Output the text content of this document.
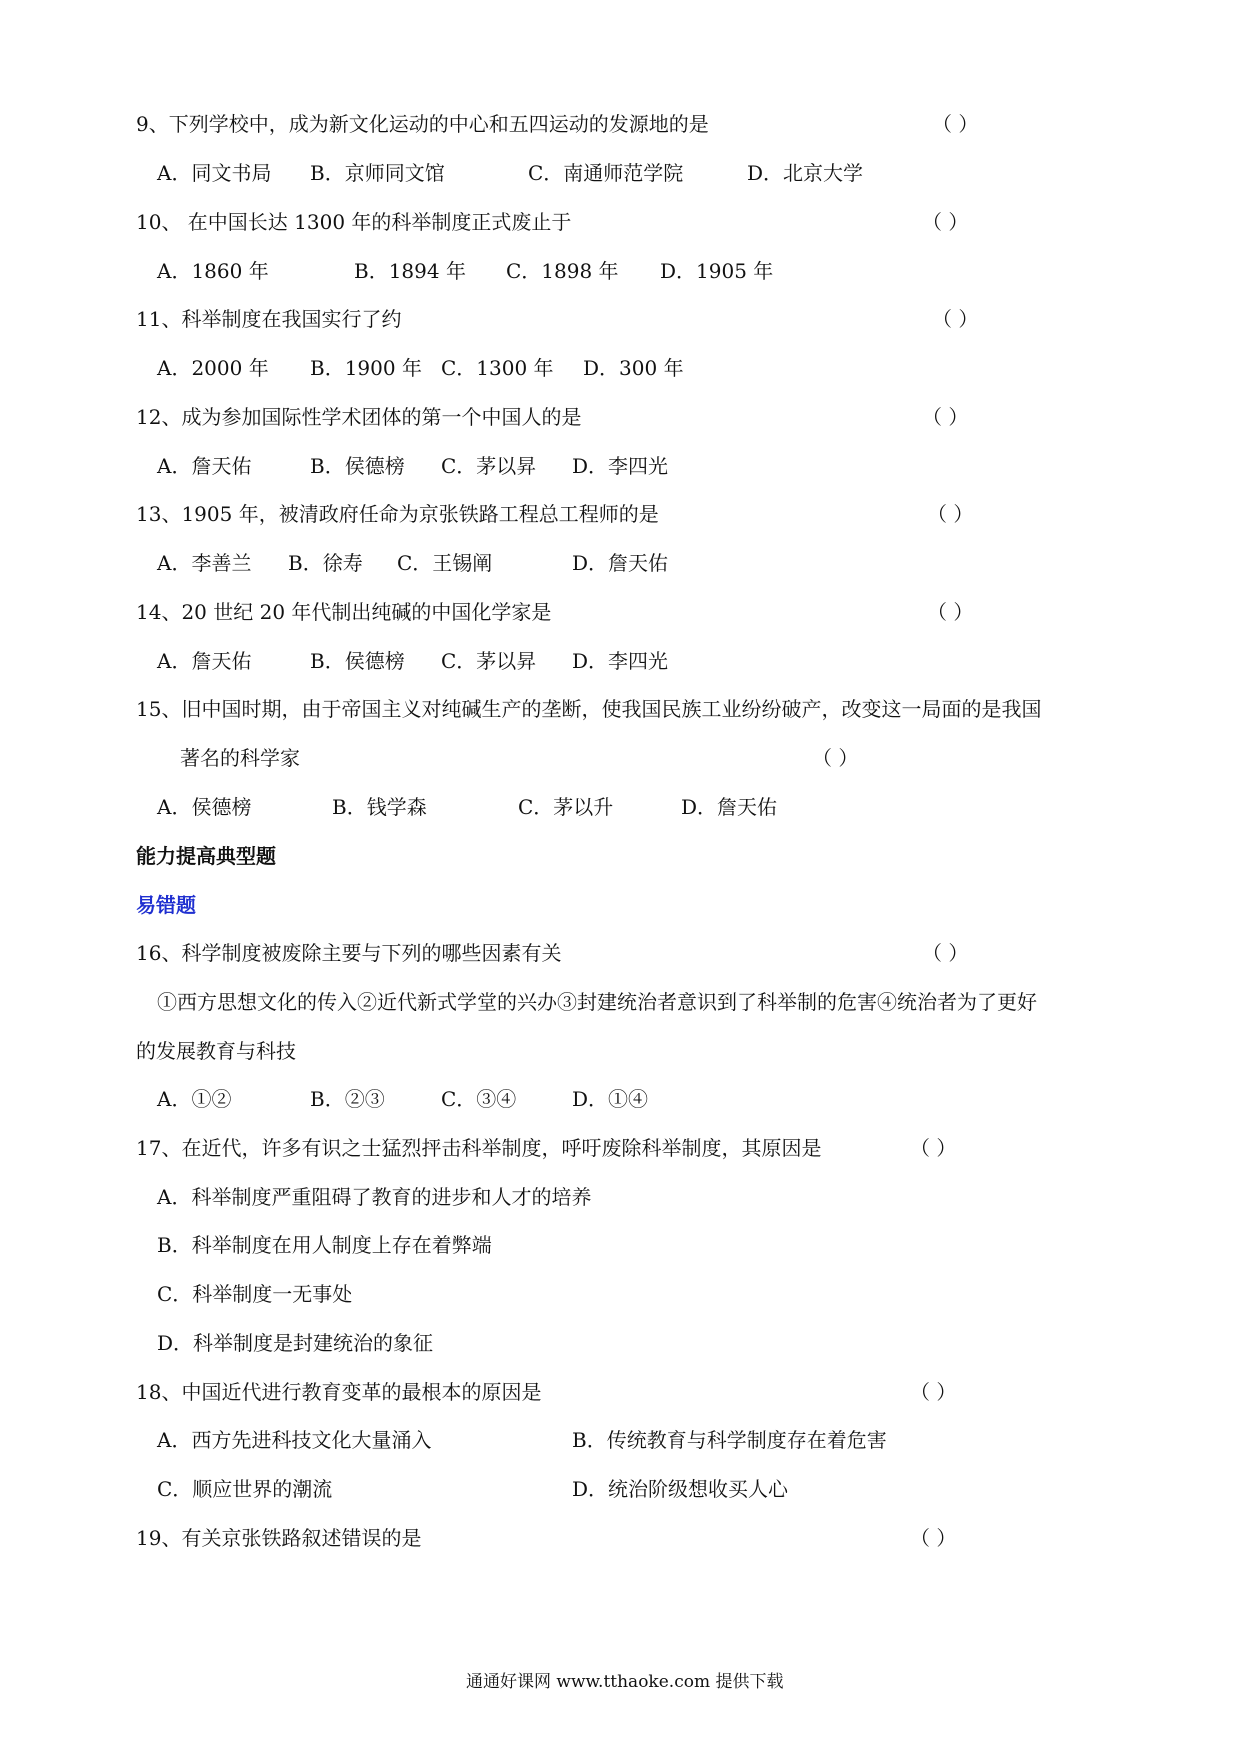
9、下列学校中，成为新文化运动的中心和五四运动的发源地的是	（ ）
A．同文书局 B．京师同文馆	C．南通师范学院	D．北京大学
10、 在中国长达 1300 年的科举制度正式废止于	（ ）
A．1860 年	B．1894 年 C．1898 年 D．1905 年
11、科举制度在我国实行了约	（ ）
A．2000 年 B．1900 年 C．1300 年 D．300 年
12、成为参加国际性学术团体的第一个中国人的是	（ ）
A．詹天佑	B．侯德榜 C．茅以昇 D．李四光
13、1905 年，被清政府任命为京张铁路工程总工程师的是	（ ）
A．李善兰 B．徐寿 C．王锡阐	D．詹天佑
14、20 世纪 20 年代制出纯碱的中国化学家是	（ ）
A．詹天佑	B．侯德榜 C．茅以昇 D．李四光
15、旧中国时期，由于帝国主义对纯碱生产的垄断，使我国民族工业纷纷破产，改变这一局面的是我国
著名的科学家	（ ）
A．侯德榜	B．钱学森	C．茅以升	D．詹天佑
能力提高典型题
易错题
16、科学制度被废除主要与下列的哪些因素有关	（ ）
①西方思想文化的传入②近代新式学堂的兴办③封建统治者意识到了科举制的危害④统治者为了更好
的发展教育与科技
A．①②	B．②③	C．③④	D．①④
17、在近代，许多有识之士猛烈抨击科举制度，呼吁废除科举制度，其原因是	（ ）
A．科举制度严重阻碍了教育的进步和人才的培养
B．科举制度在用人制度上存在着弊端
C．科举制度一无事处
D．科举制度是封建统治的象征
18、中国近代进行教育变革的最根本的原因是	（ ）
A．西方先进科技文化大量涌入	B．传统教育与科学制度存在着危害
C．顺应世界的潮流	D．统治阶级想收买人心
19、有关京张铁路叙述错误的是	（ ）
通通好课网 www.tthaoke.com 提供下载
